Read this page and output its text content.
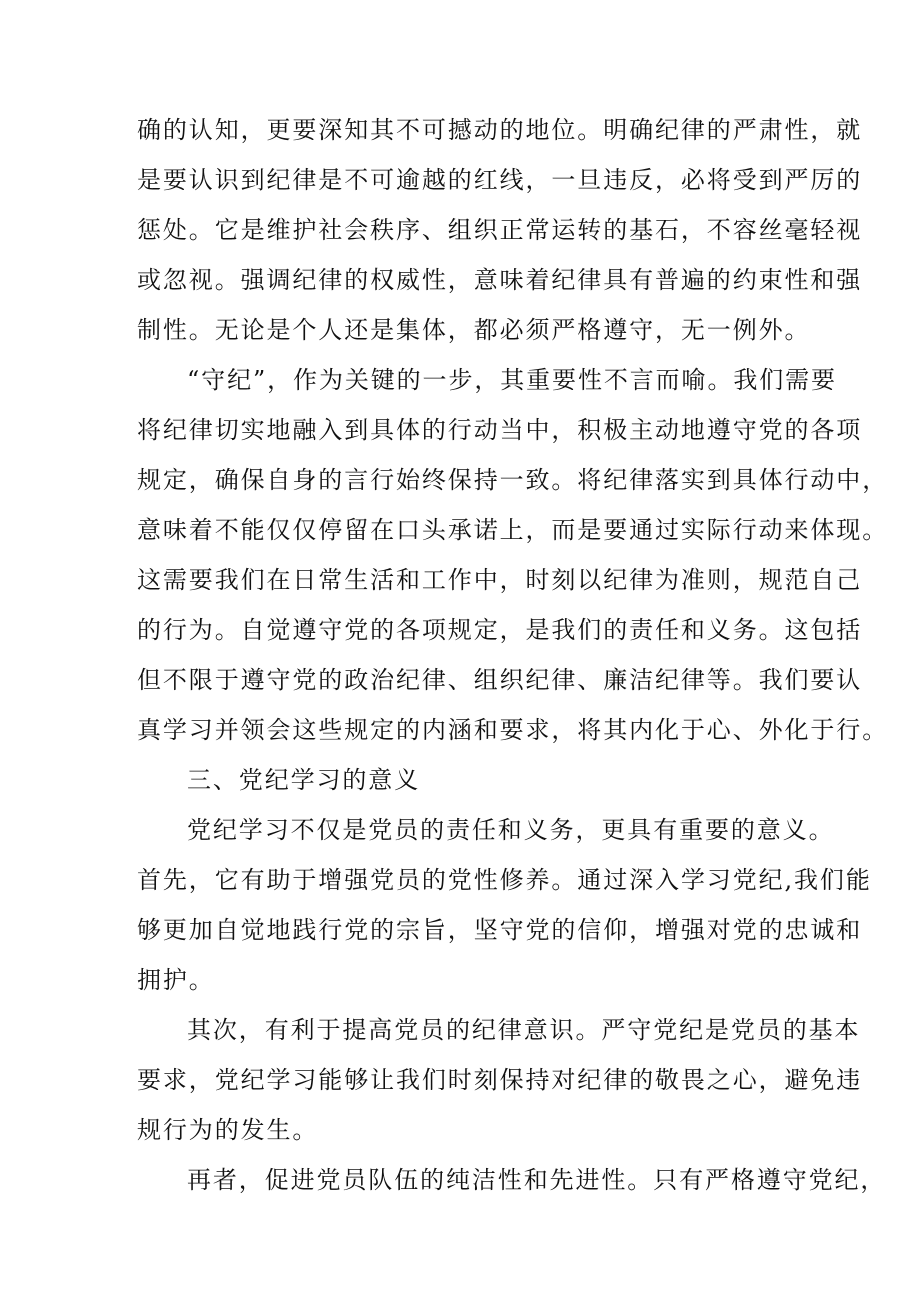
确的认知，更要深知其不可撼动的地位。明确纪律的严肃性，就
是要认识到纪律是不可逾越的红线，一旦违反，必将受到严厉的
惩处。它是维护社会秩序、组织正常运转的基石，不容丝毫轻视
或忽视。强调纪律的权威性，意味着纪律具有普遍的约束性和强
制性。无论是个人还是集体，都必须严格遵守，无一例外。
“守纪”，作为关键的一步，其重要性不言而喻。我们需要
将纪律切实地融入到具体的行动当中，积极主动地遵守党的各项
规定，确保自身的言行始终保持一致。将纪律落实到具体行动中，
意味着不能仅仅停留在口头承诺上，而是要通过实际行动来体现。
这需要我们在日常生活和工作中，时刻以纪律为准则，规范自己
的行为。自觉遵守党的各项规定，是我们的责任和义务。这包括
但不限于遵守党的政治纪律、组织纪律、廉洁纪律等。我们要认
真学习并领会这些规定的内涵和要求，将其内化于心、外化于行。
三、党纪学习的意义
党纪学习不仅是党员的责任和义务，更具有重要的意义。
首先，它有助于增强党员的党性修养。通过深入学习党纪,我们能
够更加自觉地践行党的宗旨，坚守党的信仰，增强对党的忠诚和
拥护。
其次，有利于提高党员的纪律意识。严守党纪是党员的基本
要求，党纪学习能够让我们时刻保持对纪律的敬畏之心，避免违
规行为的发生。
再者，促进党员队伍的纯洁性和先进性。只有严格遵守党纪，
